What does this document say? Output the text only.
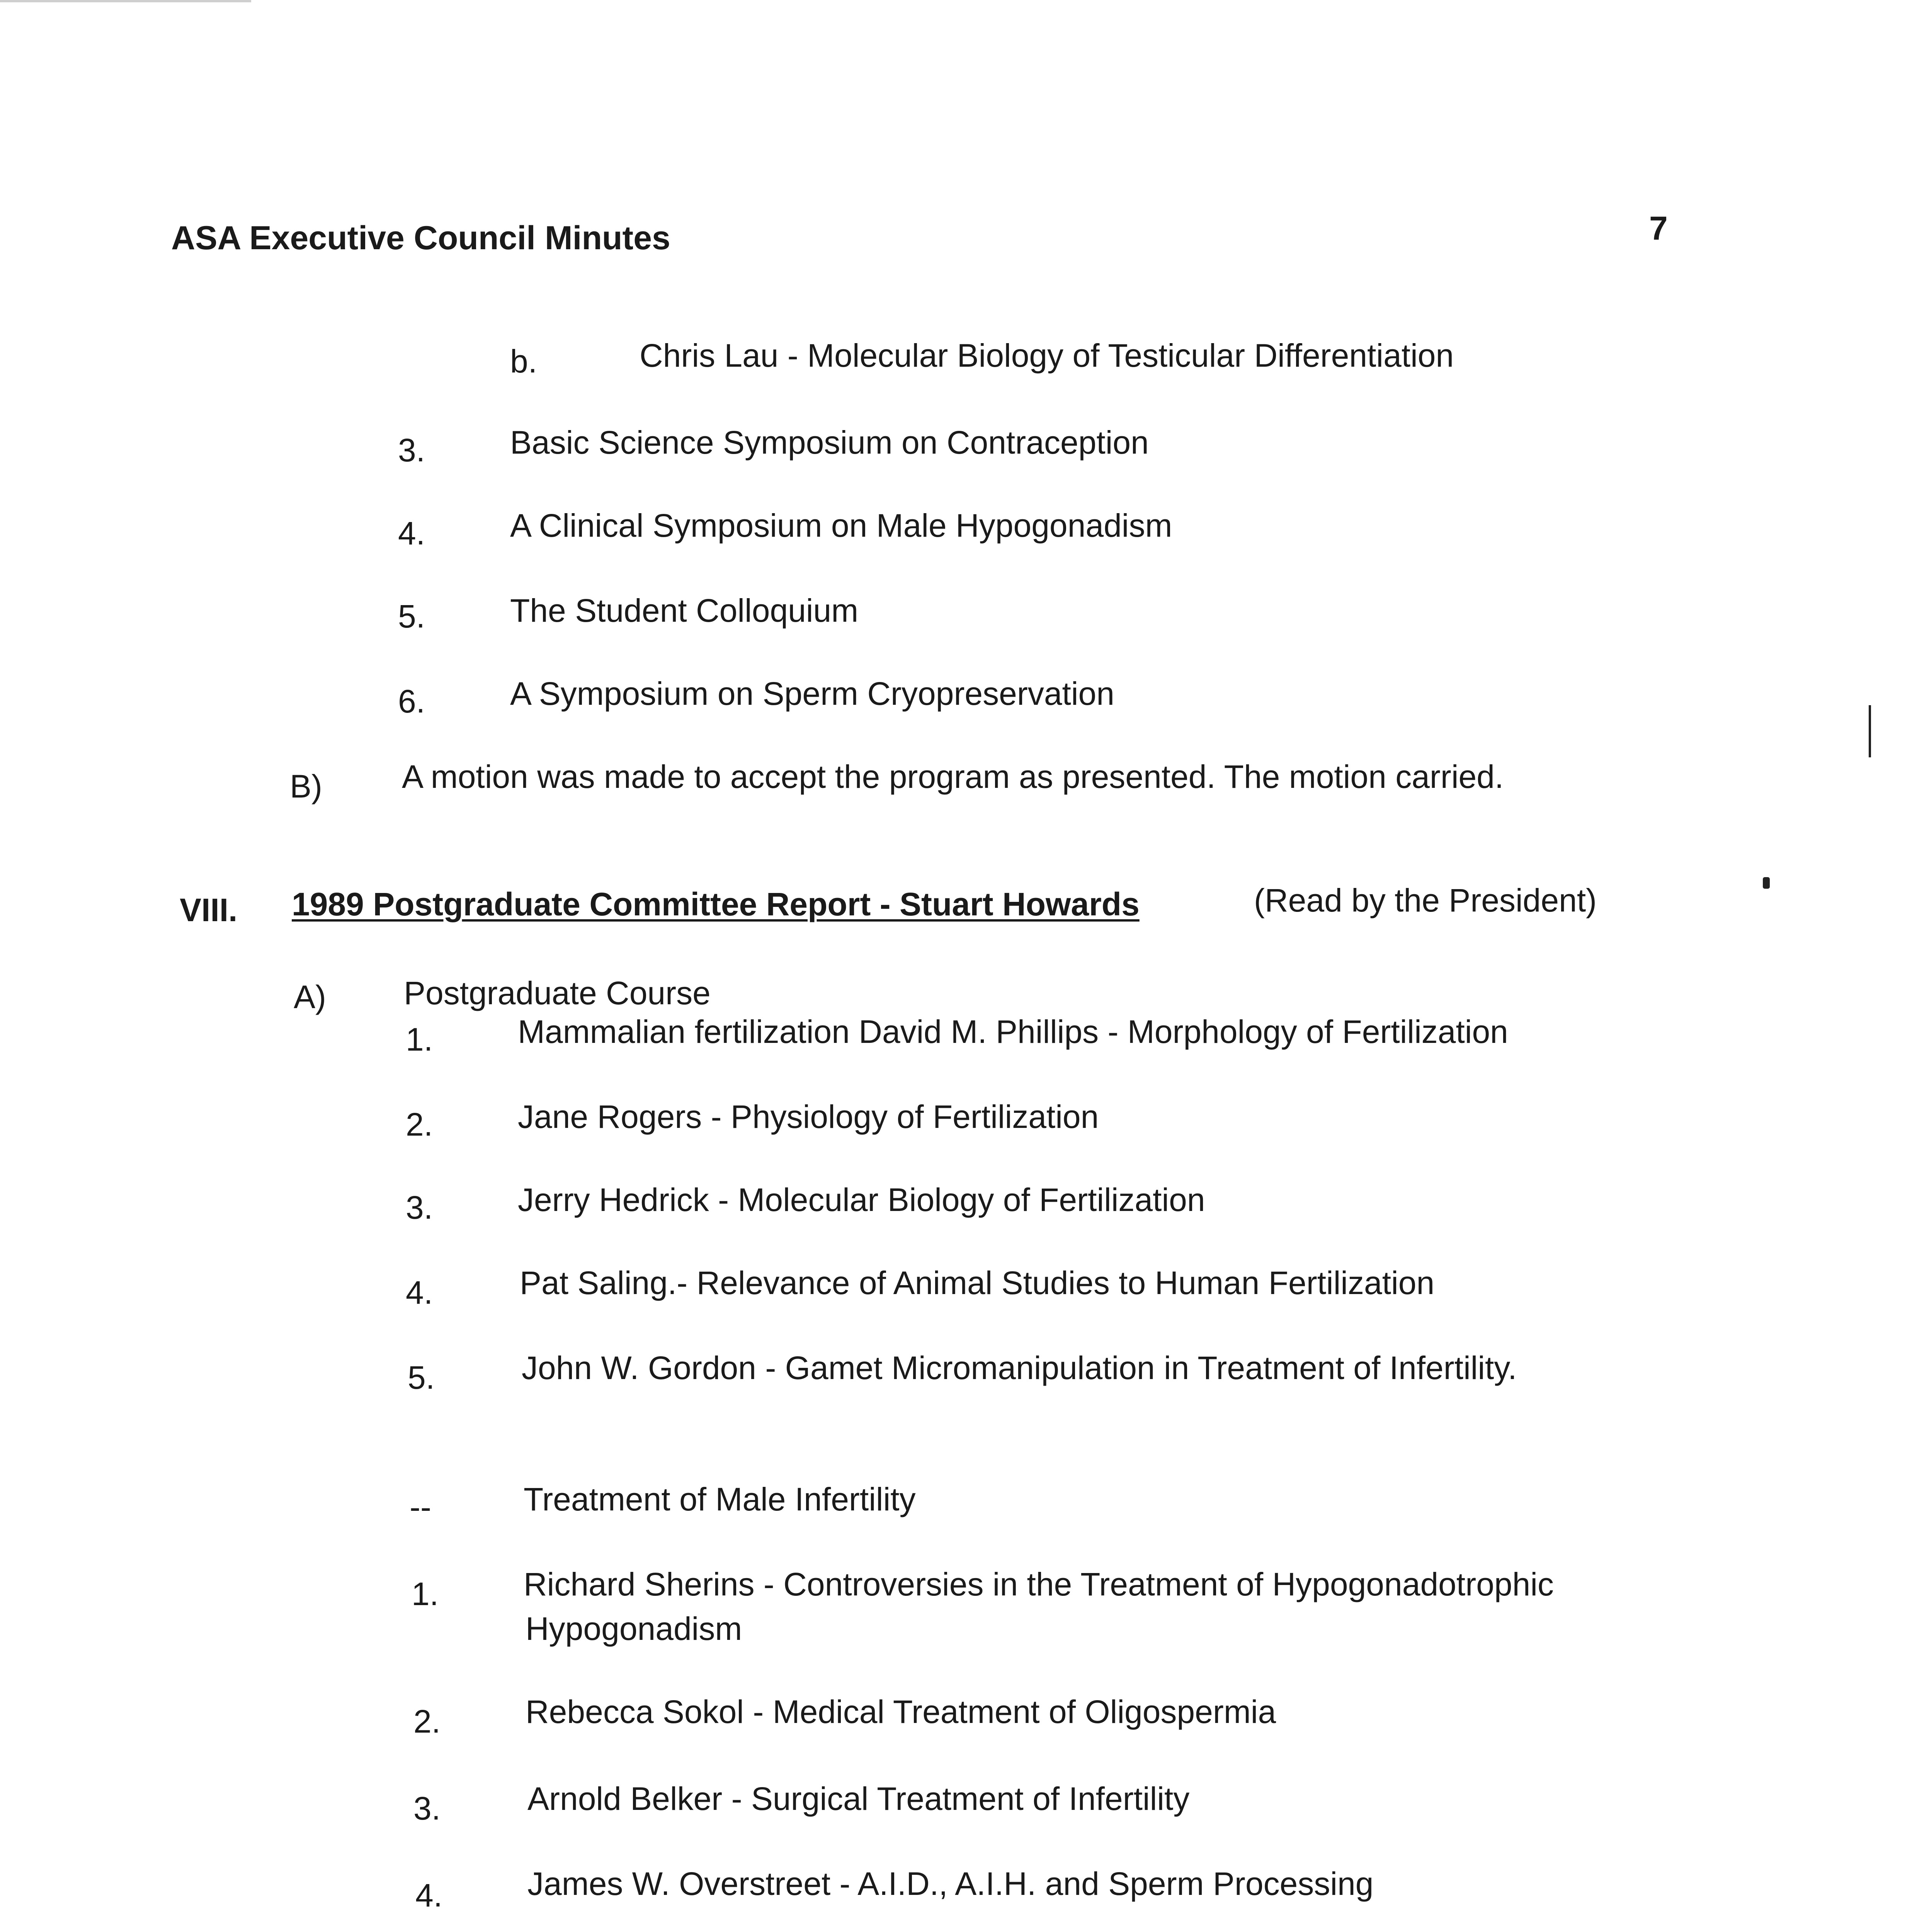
ASA Executive Council Minutes	7
b.	Chris Lau - Molecular Biology of Testicular Differentiation
3.	Basic Science Symposium on Contraception
4.	A Clinical Symposium on Male Hypogonadism
5.	The Student Colloquium
6.	A Symposium on Sperm Cryopreservation
B) A motion was made to accept the program as presented. The motion carried.
VIII. 1989 Postgraduate Committee Report - Stuart Howards	(Read by the President)
A) Postgraduate Course
1.	Mammalian fertilization David M. Phillips - Morphology of Fertilization
2.	Jane Rogers - Physiology of Fertilization
3.	Jerry Hedrick - Molecular Biology of Fertilization
4.	Pat Saling.- Relevance of Animal Studies to Human Fertilization
5.	John W. Gordon - Gamet Micromanipulation in Treatment of Infertility.
--	Treatment of Male Infertility
1.	Richard Sherins - Controversies in the Treatment of Hypogonadotrophic
Hypogonadism
2.	Rebecca Sokol - Medical Treatment of Oligospermia
3.	Arnold Belker - Surgical Treatment of Infertility
4.	James W. Overstreet - A.I.D., A.I.H. and Sperm Processing
